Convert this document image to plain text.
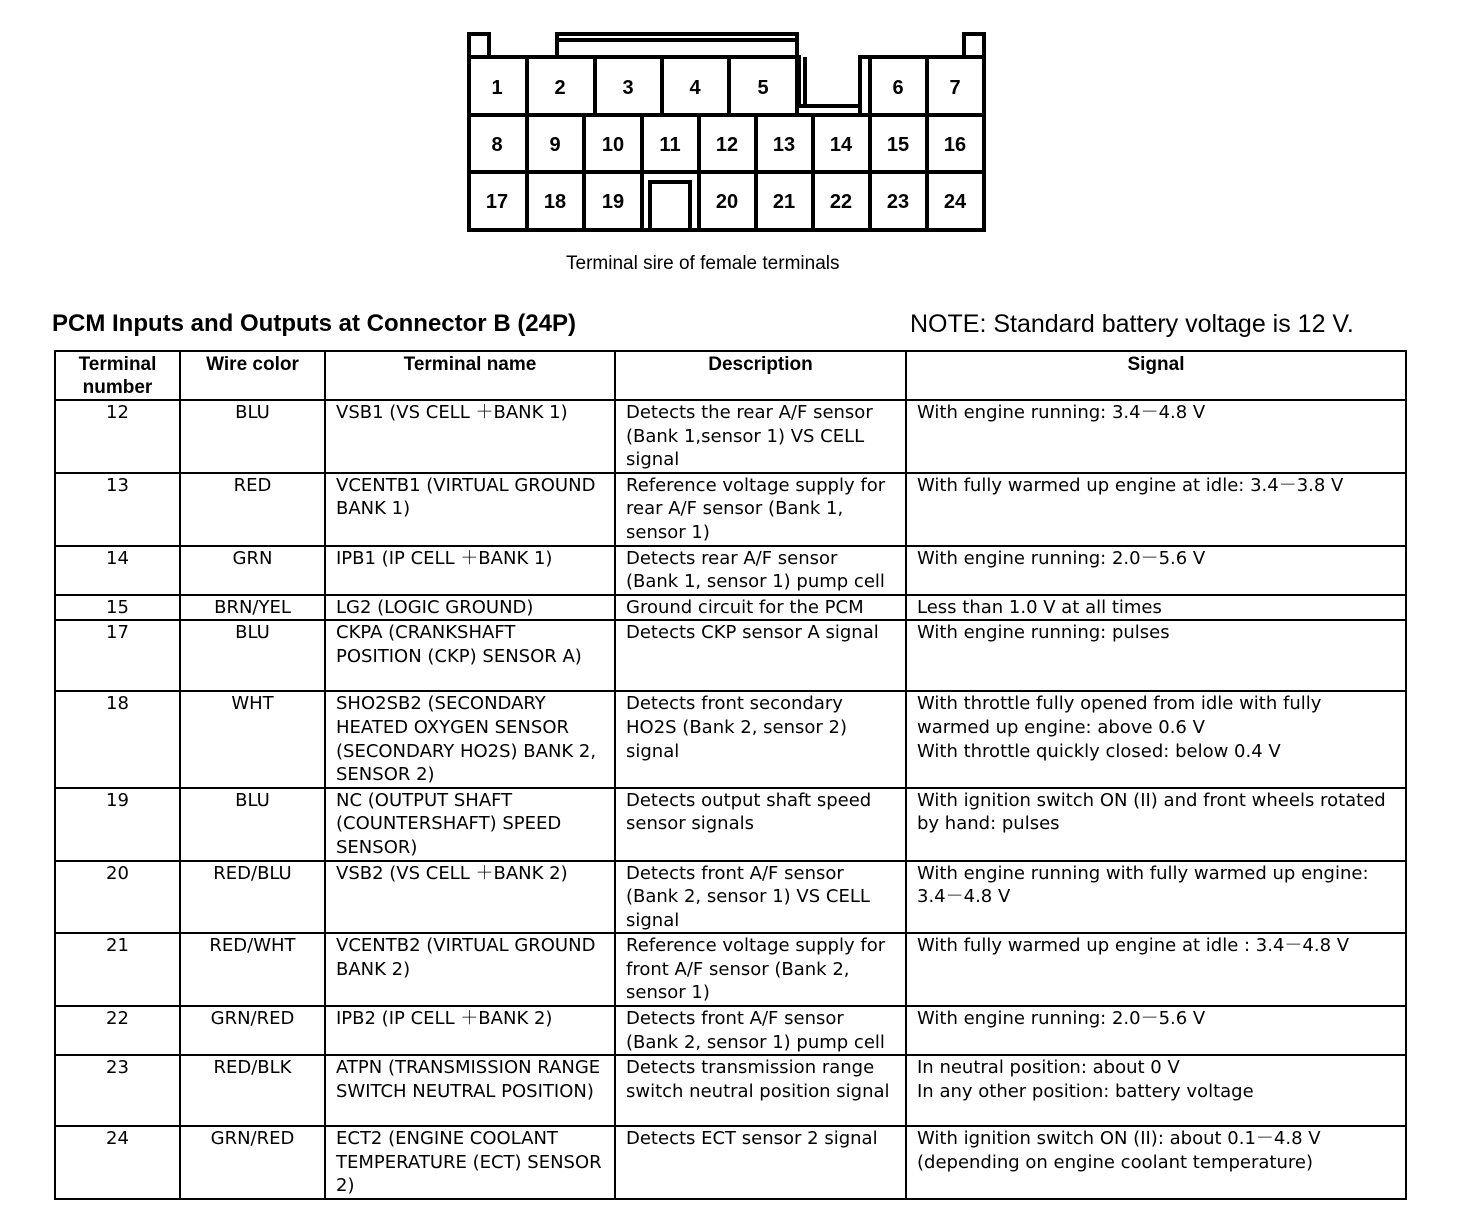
1	2	3	4	5	6 7
8 9 10 11 12 13 14 15 16
17 18 19	20 21 22 23 24
Terminal sire of female terminals
PCM Inputs and Outputs at Connector B (24P)	NOTE: Standard battery voltage is 12 V.
Terminal number	Wire color	Terminal name	Description	Signal
12	BLU	VSB1 (VS CELL ＋BANK 1)	Detects the rear A/F sensor (Bank 1,sensor 1) VS CELL signal	With engine running: 3.4－4.8 V

13	RED	VCENTB1 (VIRTUAL GROUND BANK 1)	Reference voltage supply for rear A/F sensor (Bank 1, sensor 1)	With fully warmed up engine at idle: 3.4－3.8 V

14	GRN	IPB1 (IP CELL ＋BANK 1)	Detects rear A/F sensor (Bank 1, sensor 1) pump cell	With engine running: 2.0－5.6 V

15	BRN/YEL	LG2 (LOGIC GROUND)	Ground circuit for the PCM	Less than 1.0 V at all times

17	BLU	CKPA (CRANKSHAFT POSITION (CKP) SENSOR A)	Detects CKP sensor A signal	With engine running: pulses

18	WHT	SHO2SB2 (SECONDARY HEATED OXYGEN SENSOR (SECONDARY HO2S) BANK 2, SENSOR 2)	Detects front secondary HO2S (Bank 2, sensor 2) signal	With throttle fully opened from idle with fully warmed up engine: above 0.6 V
With throttle quickly closed: below 0.4 V

19	BLU	NC (OUTPUT SHAFT (COUNTERSHAFT) SPEED SENSOR)	Detects output shaft speed sensor signals	With ignition switch ON (II) and front wheels rotated by hand: pulses

20	RED/BLU	VSB2 (VS CELL ＋BANK 2)	Detects front A/F sensor (Bank 2, sensor 1) VS CELL signal	With engine running with fully warmed up engine: 3.4－4.8 V

21	RED/WHT	VCENTB2 (VIRTUAL GROUND BANK 2)	Reference voltage supply for front A/F sensor (Bank 2, sensor 1)	With fully warmed up engine at idle : 3.4－4.8 V

22	GRN/RED	IPB2 (IP CELL ＋BANK 2)	Detects front A/F sensor (Bank 2, sensor 1) pump cell	With engine running: 2.0－5.6 V

23	RED/BLK	ATPN (TRANSMISSION RANGE SWITCH NEUTRAL POSITION)	Detects transmission range switch neutral position signal	In neutral position: about 0 V
In any other position: battery voltage

24	GRN/RED	ECT2 (ENGINE COOLANT TEMPERATURE (ECT) SENSOR 2)	Detects ECT sensor 2 signal	With ignition switch ON (II): about 0.1－4.8 V
(depending on engine coolant temperature)
